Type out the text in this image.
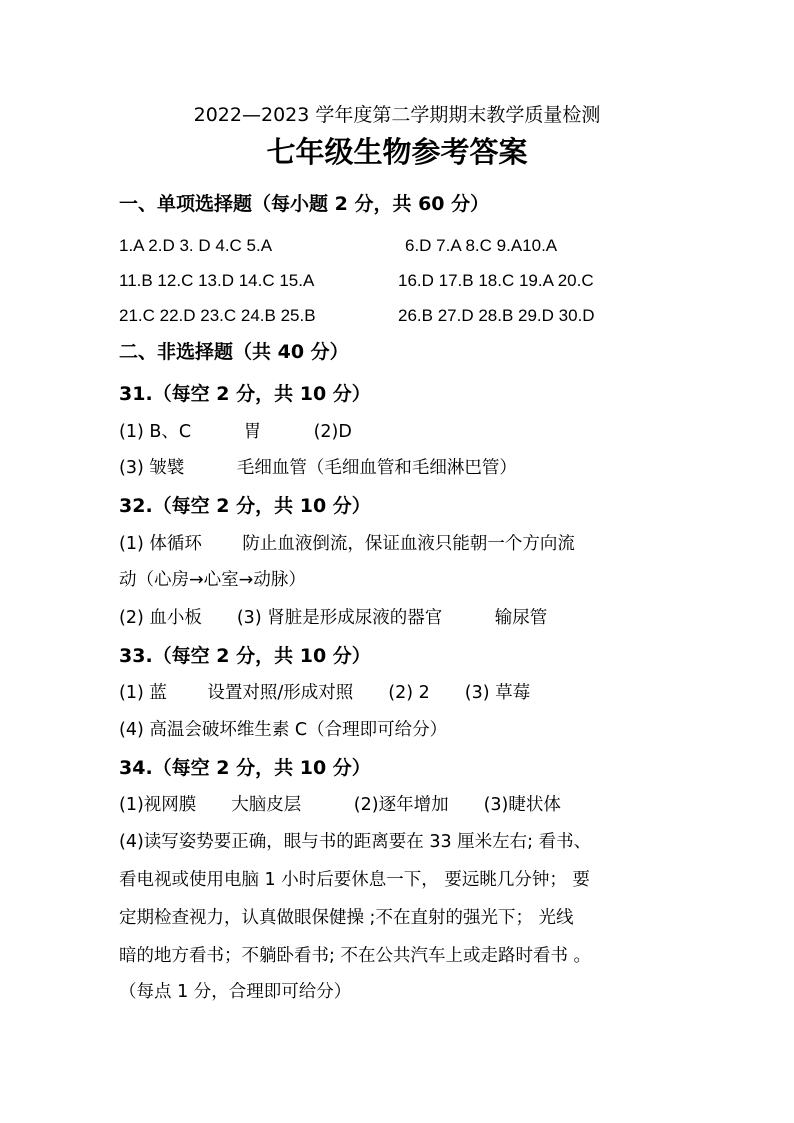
2022—2023 学年度第二学期期末教学质量检测
七年级生物参考答案
一、单项选择题（每小题 2 分，共 60 分）
1.A 2.D 3. D 4.C 5.A	6.D 7.A 8.C 9.A10.A
11.B 12.C 13.D 14.C 15.A	16.D 17.B 18.C 19.A 20.C
21.C 22.D 23.C 24.B 25.B	26.B 27.D 28.B 29.D 30.D
二、非选择题（共 40 分）
31.（每空 2 分，共 10 分）
(1) B、C　　　胃　　　(2)D
(3) 皱襞　　　毛细血管（毛细血管和毛细淋巴管）
32.（每空 2 分，共 10 分）
(1) 体循环　　 防止血液倒流，保证血液只能朝一个方向流
动（心房→心室→动脉）
(2) 血小板　　(3) 肾脏是形成尿液的器官　　　输尿管
33.（每空 2 分，共 10 分）
(1) 蓝　　 设置对照/形成对照　　(2) 2　　(3) 草莓
(4) 高温会破坏维生素 C（合理即可给分）
34.（每空 2 分，共 10 分）
(1)视网膜　　大脑皮层　　　(2)逐年增加　　(3)睫状体
(4)读写姿势要正确，眼与书的距离要在 33 厘米左右; 看书、
看电视或使用电脑 1 小时后要休息一下， 要远眺几分钟； 要
定期检查视力，认真做眼保健操 ;不在直射的强光下； 光线
暗的地方看书；不躺卧看书; 不在公共汽车上或走路时看书 。
（每点 1 分，合理即可给分）
